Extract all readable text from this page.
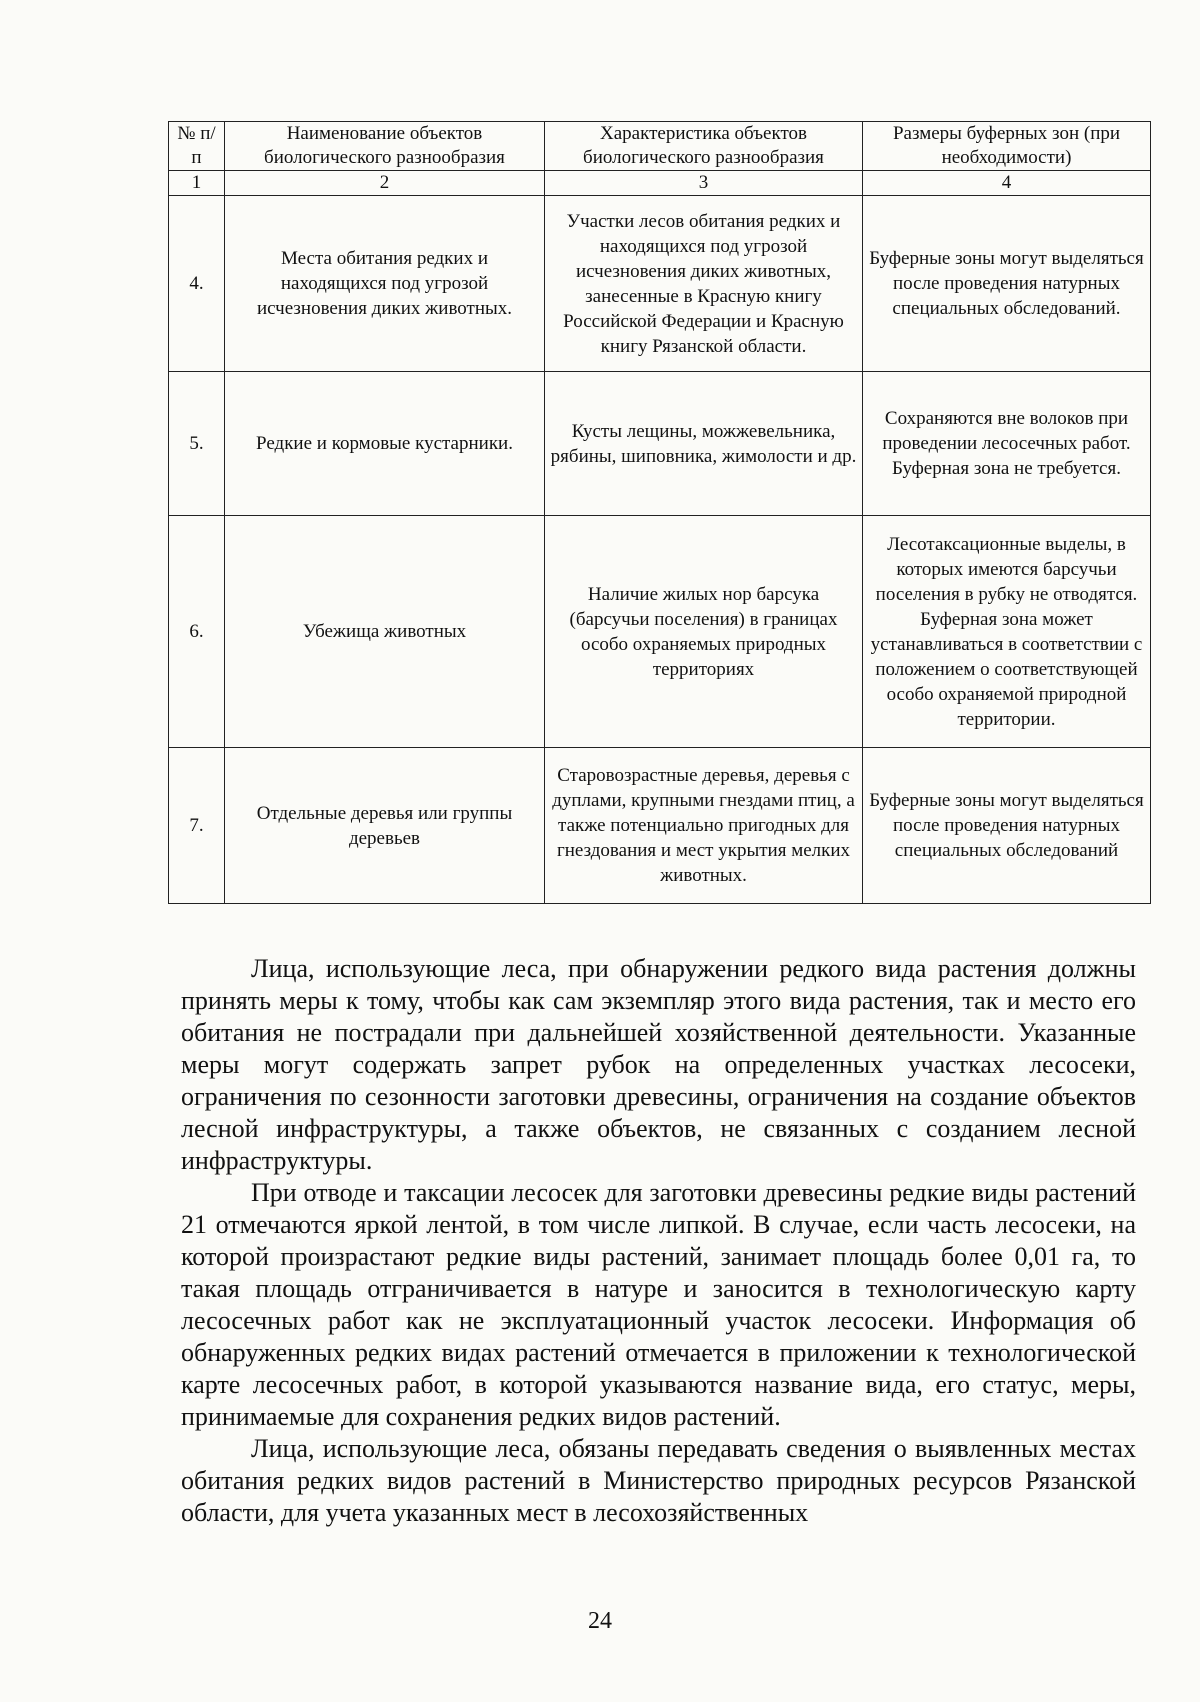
№ п/п	Наименование объектов биологического разнообразия	Характеристика объектов биологического разнообразия	Размеры буферных зон (при необходимости)
1	2	3	4
4.	Места обитания редких и находящихся под угрозой исчезновения диких животных.	Участки лесов обитания редких и находящихся под угрозой исчезновения диких животных, занесенные в Красную книгу Российской Федерации и Красную книгу Рязанской области.	Буферные зоны могут выделяться после проведения натурных специальных обследований.
5.	Редкие и кормовые кустарники.	Кусты лещины, можжевельника, рябины, шиповника, жимолости и др.	Сохраняются вне волоков при проведении лесосечных работ. Буферная зона не требуется.
6.	Убежища животных	Наличие жилых нор барсука (барсучьи поселения) в границах особо охраняемых природных территориях	Лесотаксационные выделы, в которых имеются барсучьи поселения в рубку не отводятся. Буферная зона может устанавливаться в соответствии с положением о соответствующей особо охраняемой природной территории.
7.	Отдельные деревья или группы деревьев	Старовозрастные деревья, деревья с дуплами, крупными гнездами птиц, а также потенциально пригодных для гнездования и мест укрытия мелких животных.	Буферные зоны могут выделяться после проведения натурных специальных обследований

Лица, использующие леса, при обнаружении редкого вида растения должны принять меры к тому, чтобы как сам экземпляр этого вида растения, так и место его обитания не пострадали при дальнейшей хозяйственной деятельности. Указанные меры могут содержать запрет рубок на определенных участках лесосеки, ограничения по сезонности заготовки древесины, ограничения на создание объектов лесной инфраструктуры, а также объектов, не связанных с созданием лесной инфраструктуры.

При отводе и таксации лесосек для заготовки древесины редкие виды растений 21 отмечаются яркой лентой, в том числе липкой. В случае, если часть лесосеки, на которой произрастают редкие виды растений, занимает площадь более 0,01 га, то такая площадь отграничивается в натуре и заносится в технологическую карту лесосечных работ как не эксплуатационный участок лесосеки. Информация об обнаруженных редких видах растений отмечается в приложении к технологической карте лесосечных работ, в которой указываются название вида, его статус, меры, принимаемые для сохранения редких видов растений.

Лица, использующие леса, обязаны передавать сведения о выявленных местах обитания редких видов растений в Министерство природных ресурсов Рязанской области, для учета указанных мест в лесохозяйственных

24
